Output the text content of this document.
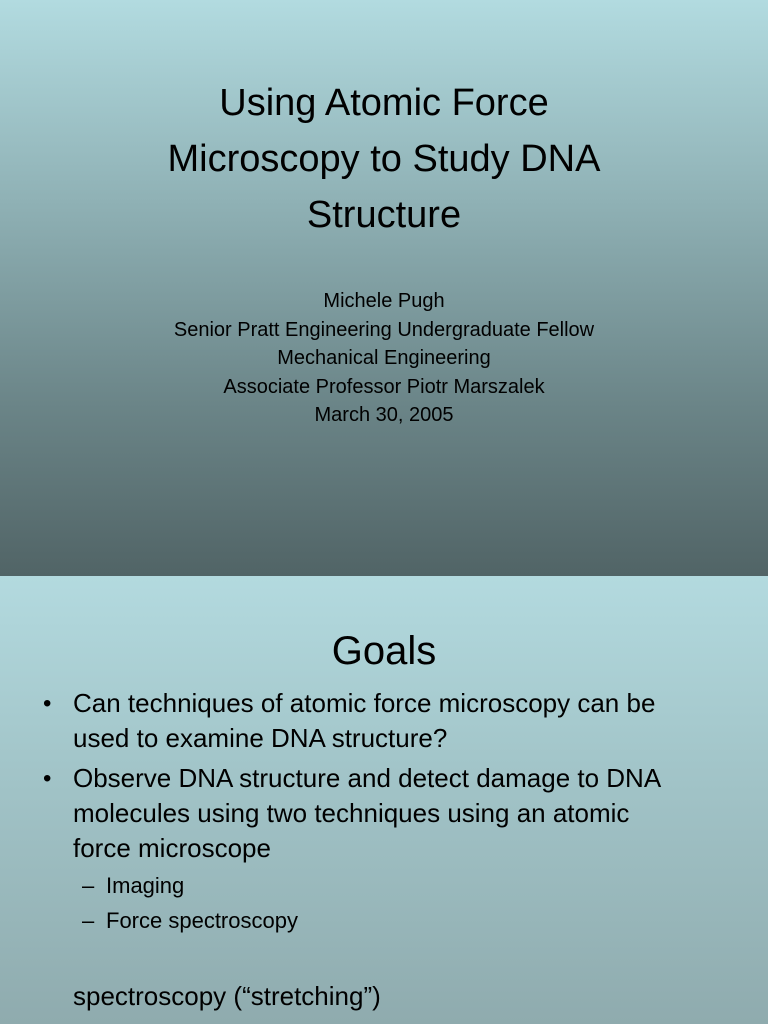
Using Atomic Force
Microscopy to Study DNA
Structure
Michele Pugh
Senior Pratt Engineering Undergraduate Fellow
Mechanical Engineering
Associate Professor Piotr Marszalek
March 30, 2005
Goals
• Can techniques of atomic force microscopy can be
used to examine DNA structure?
• Observe DNA structure and detect damage to DNA
molecules using two techniques using an atomic
force microscope
– Imaging
– Force spectroscopy
spectroscopy (“stretching”)
